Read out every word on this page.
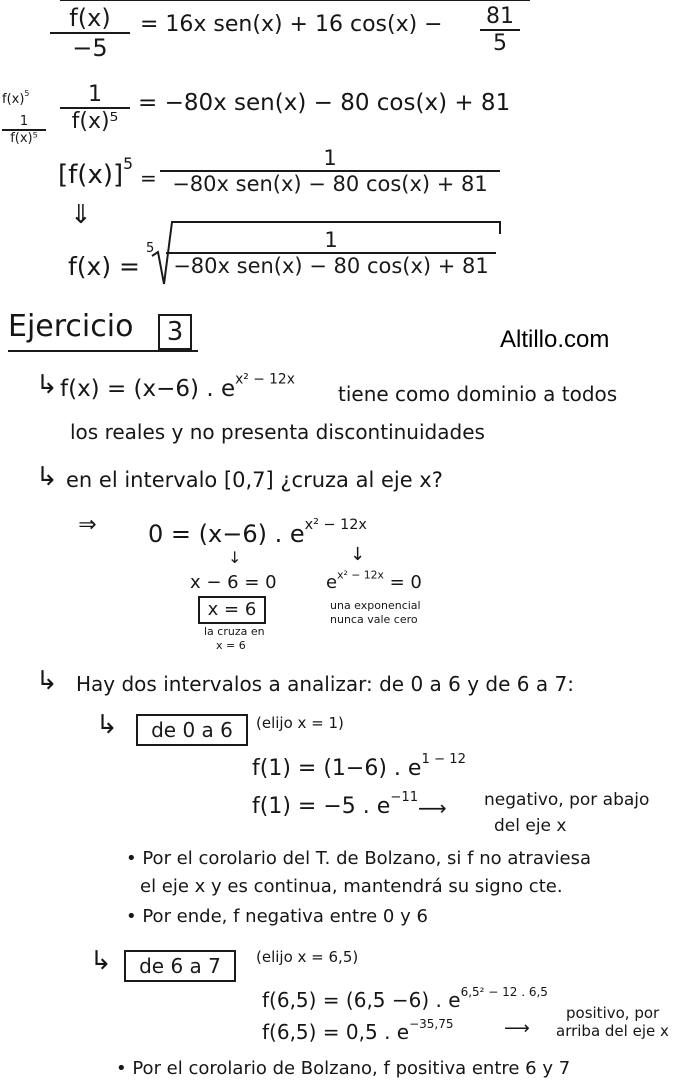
$\frac{f(x)}{-5} = 16x$ sen(x) + 16 $\cos(x) - \frac{81}{5}$
$f(x)^5$
$\frac{1}{\text{f(x)⁵}} \frac{1}{\text{f(x)⁵}} = -80x$ sen(x) − 80 cos(x) + 81
$[f(x)]^5$
=
1
−80x sen(x) − 80 cos(x) + 81
⇓
f(x) =
5	1
−80x sen(x) − 80 cos(x) + 81
Ejercicio	3	Altillo.com
↳ f(x) = (x−6) . $e^{x^2 - 12x}$
tiene como dominio a todos
los reales y no presenta discontinuidades
↳ en el intervalo [0,7] ¿cruza al eje x?
⇓ 0 = (x−6) . $e^{x^2 - 12x}$
↓	↓
x − 6 = 0
x = 6
la cruza en
x = 6
$e^{x^2 - 12x} = 0$
una exponencial
nunca vale cero
↳ Hay dos intervalos a analizar: de 0 a 6 y de 6 a 7:
↳	de 0 a 6	(elijo x = 1)
f(1) = (1−6) . $e^{1 - 12}$
f(1) = −5 . $e^{-11}$ ⟶ negativo, por abajo
del eje x
• Por el corolario del T. de Bolzano, si f no atraviesa
el eje x y es continua, mantendrá su signo cte.
• Por ende, f negativa entre 0 y 6
↳	de 6 a 7	(elijo x = 6,5)
f(6,5) = (6,5 −6) . $e^{6,5^2 - 12 . 6,5}$
f(6,5) = 0,5 . $e^{-35,75}$	⟶
positivo, por
arriba del eje x
• Por el corolario de Bolzano, f positiva entre 6 y 7
